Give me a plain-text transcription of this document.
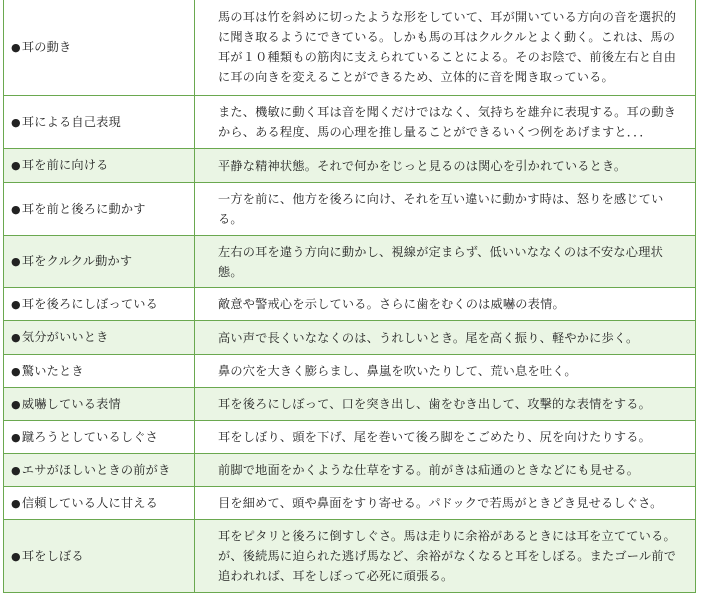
●耳の動き	馬の耳は竹を斜めに切ったような形をしていて、耳が開いている方向の音を選択的に聞き取るようにできている。しかも馬の耳はクルクルとよく動く。これは、馬の耳が１０種類もの筋肉に支えられていることによる。そのお陰で、前後左右と自由に耳の向きを変えることができるため、立体的に音を聞き取っている。

●耳による自己表現	また、機敏に動く耳は音を聞くだけではなく、気持ちを雄弁に表現する。耳の動きから、ある程度、馬の心理を推し量ることができるいくつ例をあげますと．．．

●耳を前に向ける	平静な精神状態。それで何かをじっと見るのは関心を引かれているとき。

●耳を前と後ろに動かす	一方を前に、他方を後ろに向け、それを互い違いに動かす時は、怒りを感じている。

●耳をクルクル動かす	左右の耳を違う方向に動かし、視線が定まらず、低いいななくのは不安な心理状態。

●耳を後ろにしぼっている	敵意や警戒心を示している。さらに歯をむくのは威嚇の表情。

●気分がいいとき	高い声で長くいななくのは、うれしいとき。尾を高く振り、軽やかに歩く。

●驚いたとき	鼻の穴を大きく膨らまし、鼻嵐を吹いたりして、荒い息を吐く。

●威嚇している表情	耳を後ろにしぼって、口を突き出し、歯をむき出して、攻撃的な表情をする。

●蹴ろうとしているしぐさ	耳をしぼり、頭を下げ、尾を巻いて後ろ脚をこごめたり、尻を向けたりする。

●エサがほしいときの前がき	前脚で地面をかくような仕草をする。前がきは疝通のときなどにも見せる。

●信頼している人に甘える	目を細めて、頭や鼻面をすり寄せる。パドックで若馬がときどき見せるしぐさ。

●耳をしぼる	耳をピタリと後ろに倒すしぐさ。馬は走りに余裕があるときには耳を立てている。が、後続馬に迫られた逃げ馬など、余裕がなくなると耳をしぼる。またゴール前で追われれば、耳をしぼって必死に頑張る。
